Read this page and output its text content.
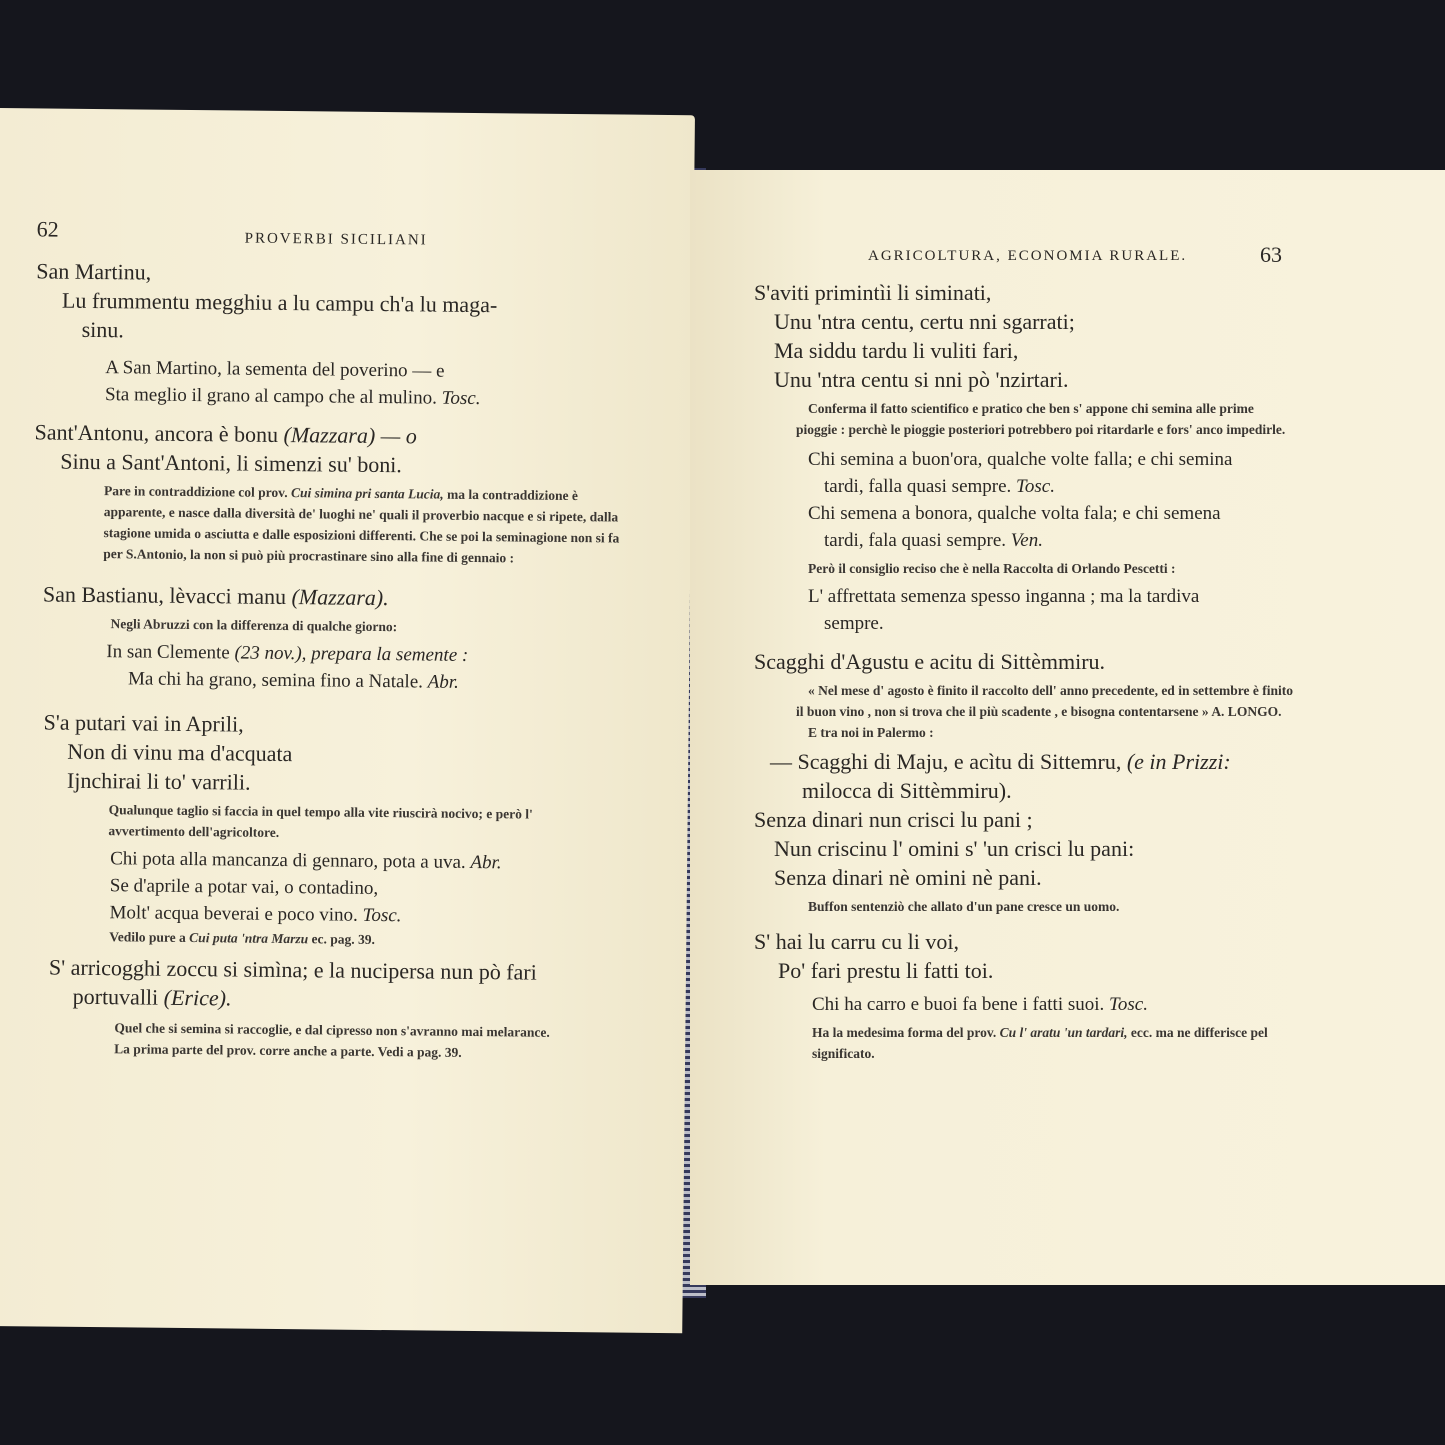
62	PROVERBI SICILIANI
San Martinu,
Lu frummentu megghiu a lu campu ch'a lu maga-
sinu.
A San Martino, la sementa del poverino — e
Sta meglio il grano al campo che al mulino. Tosc.
Sant'Antonu, ancora è bonu (Mazzara) — o
Sinu a Sant'Antoni, li simenzi su' boni.
Pare in contraddizione col prov. Cui simina pri santa Lucia, ma la contraddizione è apparente, e nasce dalla diversità de' luoghi ne' quali il proverbio nacque e si ripete, dalla stagione umida o asciutta e dalle esposizioni differenti. Che se poi la seminagione non si fa per S.Antonio, la non si può più procrastinare sino alla fine di gennaio :
San Bastianu, lèvacci manu (Mazzara).
Negli Abruzzi con la differenza di qualche giorno:
In san Clemente (23 nov.), prepara la semente :
Ma chi ha grano, semina fino a Natale. Abr.
S'a putari vai in Aprili,
Non di vinu ma d'acquata
Ijnchirai li to' varrili.
Qualunque taglio si faccia in quel tempo alla vite riuscirà nocivo; e però l' avvertimento dell'agricoltore.
Chi pota alla mancanza di gennaro, pota a uva. Abr.
Se d'aprile a potar vai, o contadino,
Molt' acqua beverai e poco vino. Tosc.
Vedilo pure a Cui puta 'ntra Marzu ec. pag. 39.
S' arricogghi zoccu si simìna; e la nucipersa nun pò fari
portuvalli (Erice).
Quel che si semina si raccoglie, e dal cipresso non s'avranno mai melarance.
La prima parte del prov. corre anche a parte. Vedi a pag. 39.
AGRICOLTURA, ECONOMIA RURALE.	63
S'aviti primintìi li siminati,
Unu 'ntra centu, certu nni sgarrati;
Ma siddu tardu li vuliti fari,
Unu 'ntra centu si nni pò 'nzirtari.
Conferma il fatto scientifico e pratico che ben s' appone chi semina alle prime pioggie : perchè le pioggie posteriori potrebbero poi ritardarle e fors' anco impedirle.
Chi semina a buon'ora, qualche volte falla; e chi semina
tardi, falla quasi sempre. Tosc.
Chi semena a bonora, qualche volta fala; e chi semena
tardi, fala quasi sempre. Ven.
Però il consiglio reciso che è nella Raccolta di Orlando Pescetti :
L' affrettata semenza spesso inganna ; ma la tardiva
sempre.
Scagghi d'Agustu e acitu di Sittèmmiru.
« Nel mese d' agosto è finito il raccolto dell' anno precedente, ed in settembre è finito il buon vino , non si trova che il più scadente , e bisogna contentarsene » A. LONGO.
E tra noi in Palermo :
— Scagghi di Maju, e acìtu di Sittemru, (e in Prizzi:
milocca di Sittèmmiru).
Senza dinari nun crisci lu pani ;
Nun criscinu l' omini s' 'un crisci lu pani:
Senza dinari nè omini nè pani.
Buffon sentenziò che allato d'un pane cresce un uomo.
S' hai lu carru cu li voi,
Po' fari prestu li fatti toi.
Chi ha carro e buoi fa bene i fatti suoi. Tosc.
Ha la medesima forma del prov. Cu l' aratu 'un tardari, ecc. ma ne differisce pel significato.
